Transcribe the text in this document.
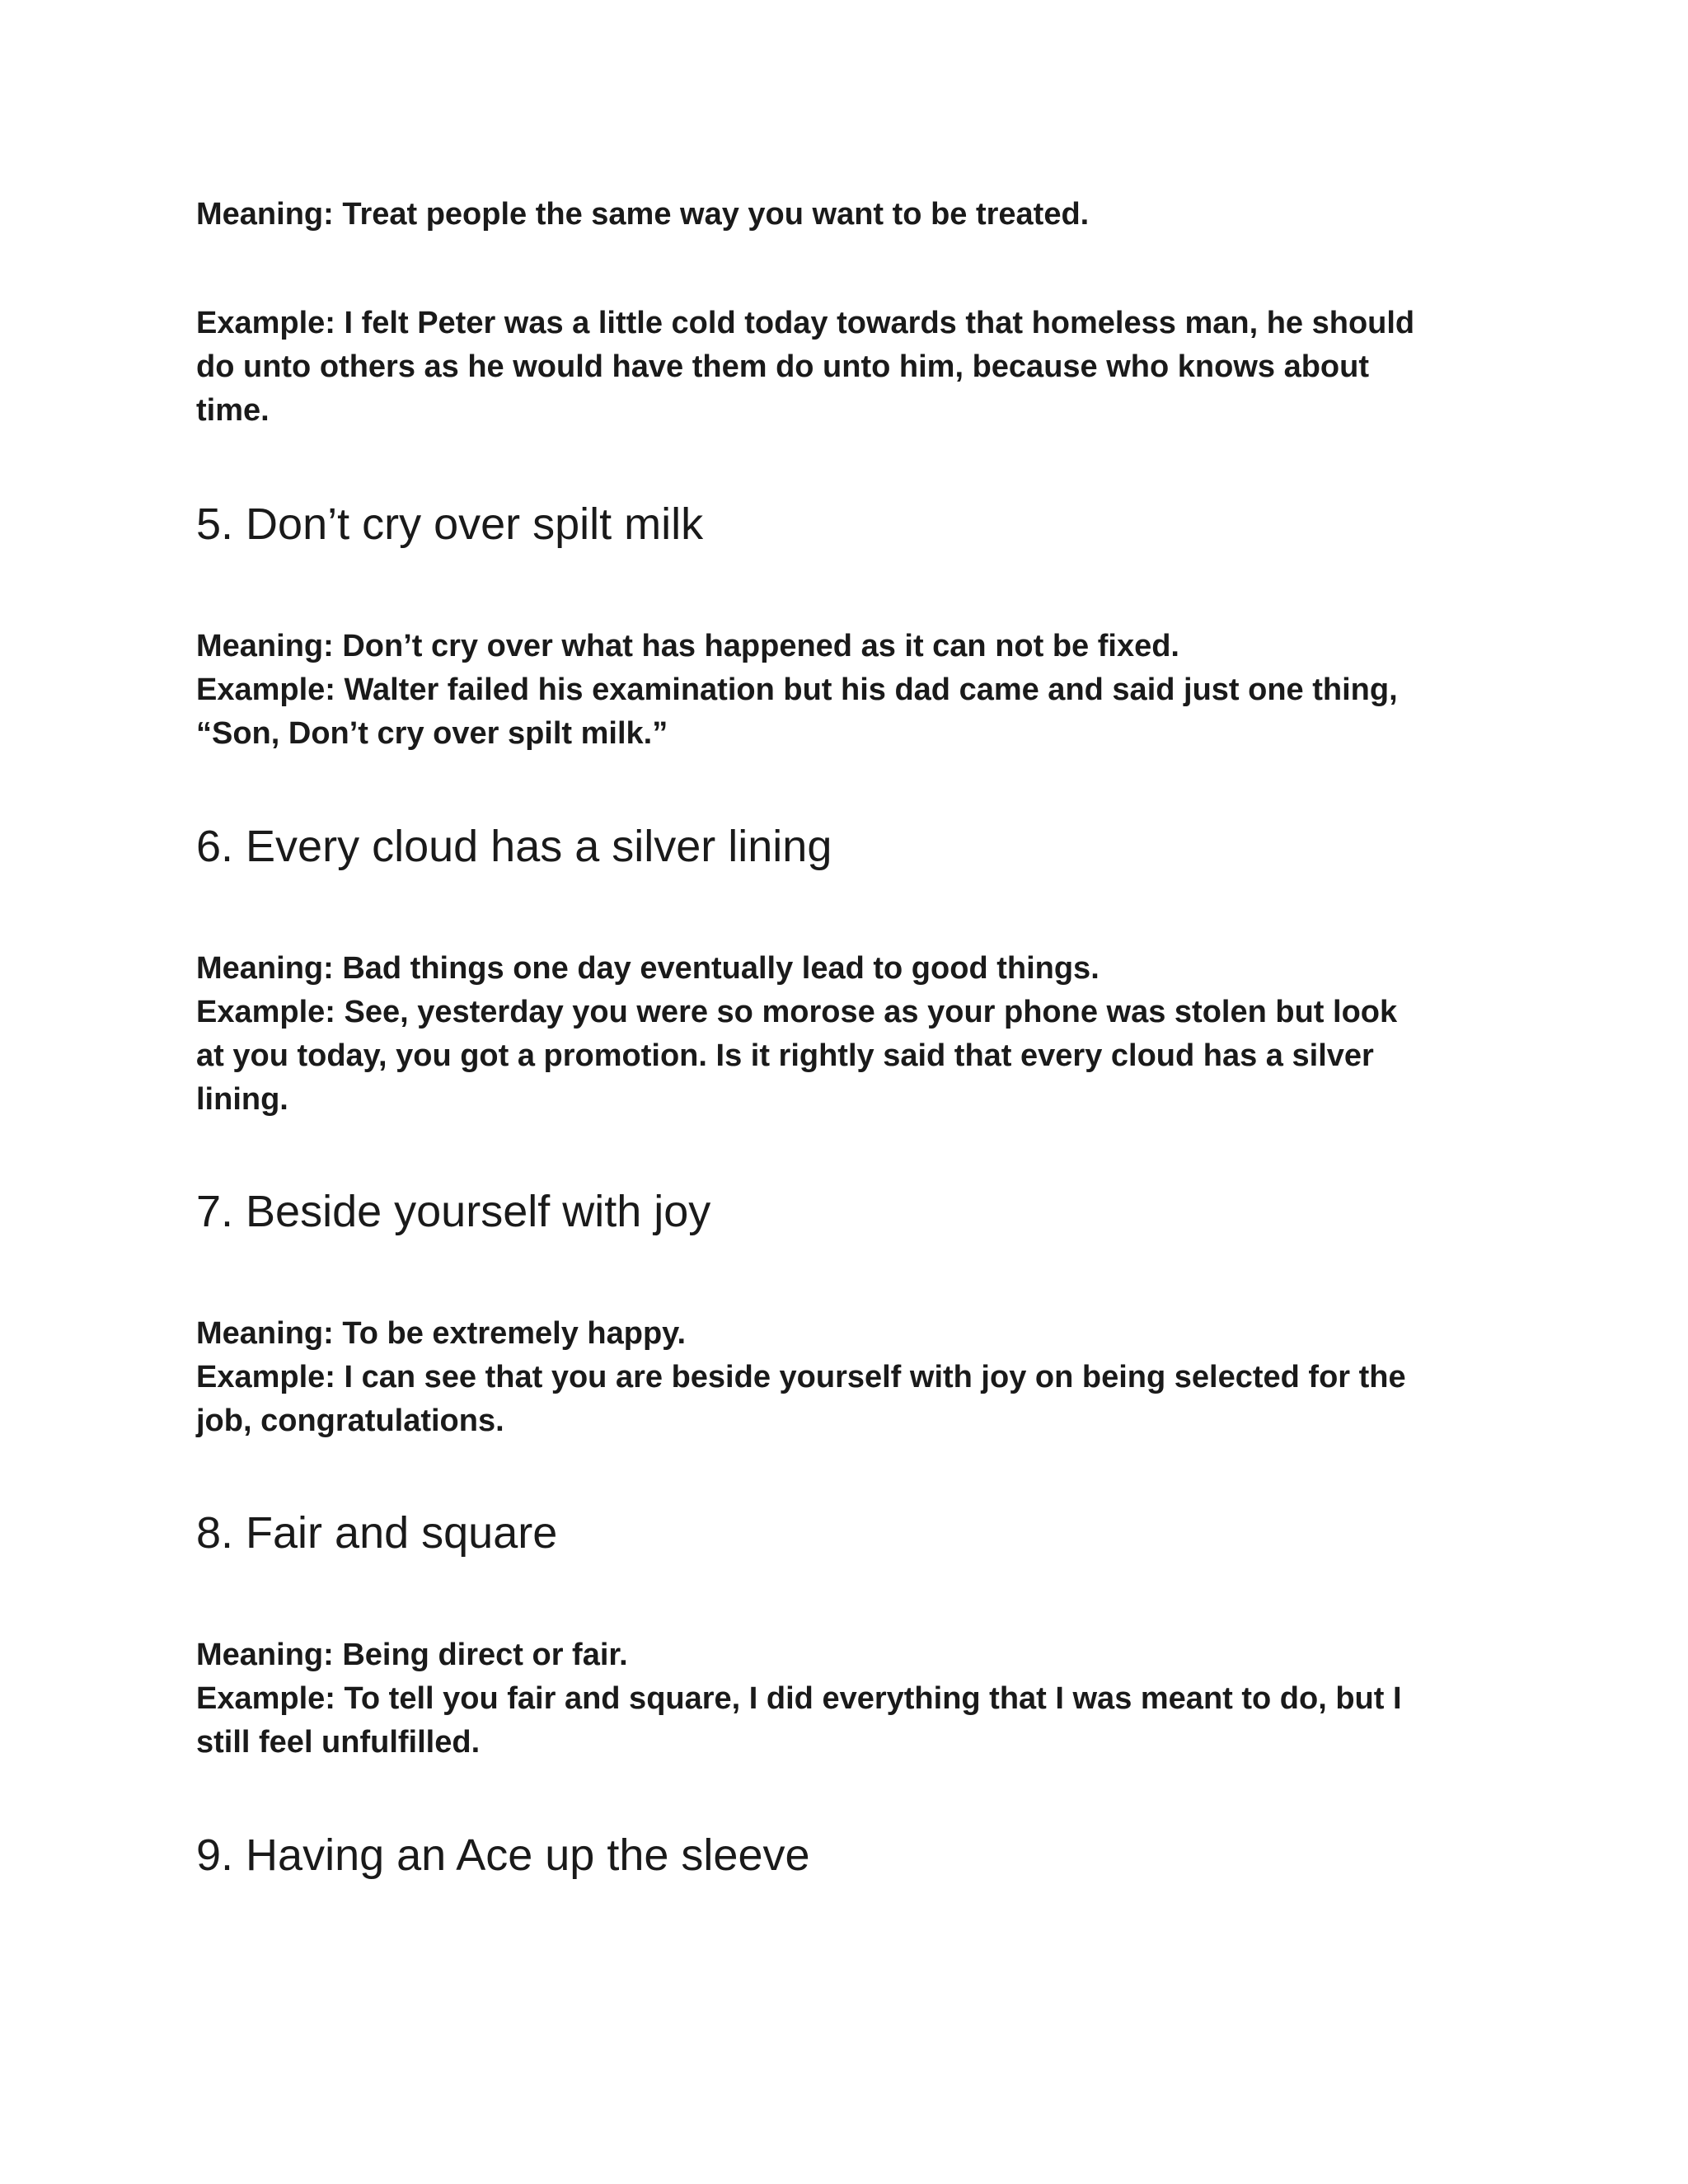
Meaning: Treat people the same way you want to be treated.

Example: I felt Peter was a little cold today towards that homeless man, he should
do unto others as he would have them do unto him, because who knows about
time.

5. Don’t cry over spilt milk

Meaning: Don’t cry over what has happened as it can not be fixed.
Example: Walter failed his examination but his dad came and said just one thing,
“Son, Don’t cry over spilt milk.”

6. Every cloud has a silver lining

Meaning: Bad things one day eventually lead to good things.
Example: See, yesterday you were so morose as your phone was stolen but look
at you today, you got a promotion. Is it rightly said that every cloud has a silver
lining.

7. Beside yourself with joy

Meaning: To be extremely happy.
Example: I can see that you are beside yourself with joy on being selected for the
job, congratulations.

8. Fair and square

Meaning: Being direct or fair.
Example: To tell you fair and square, I did everything that I was meant to do, but I
still feel unfulfilled.

9. Having an Ace up the sleeve
